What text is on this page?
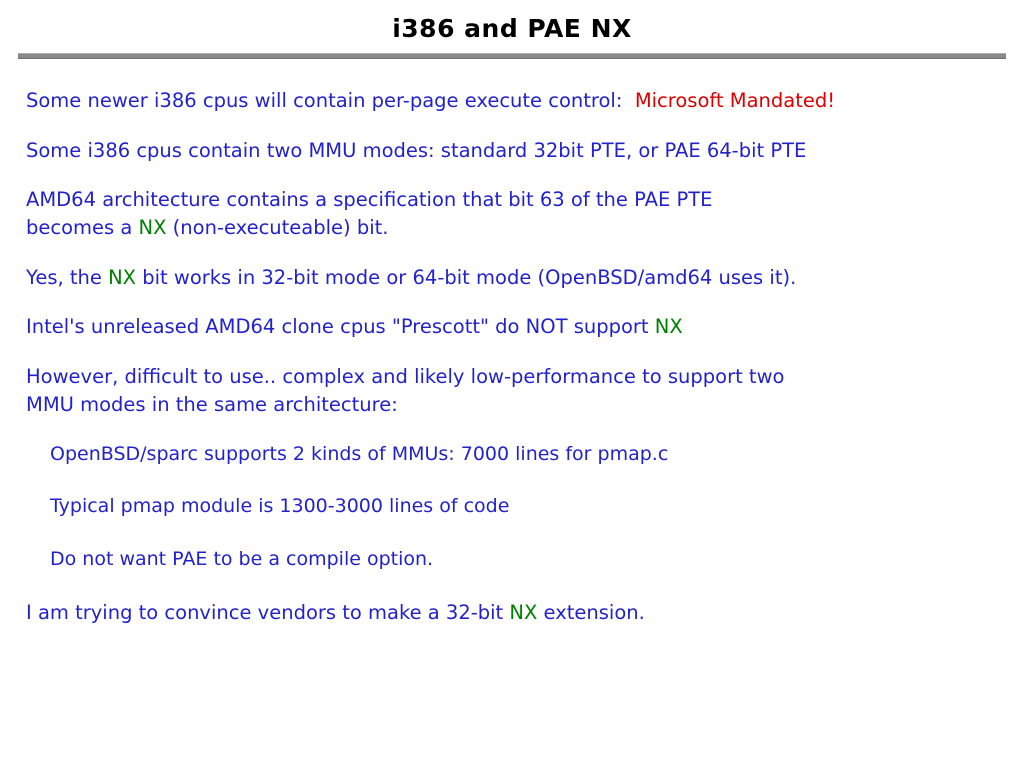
i386 and PAE NX

Some newer i386 cpus will contain per-page execute control:  Microsoft Mandated!

Some i386 cpus contain two MMU modes: standard 32bit PTE, or PAE 64-bit PTE

AMD64 architecture contains a specification that bit 63 of the PAE PTE

becomes a NX (non-executeable) bit.

Yes, the NX bit works in 32-bit mode or 64-bit mode (OpenBSD/amd64 uses it).

Intel's unreleased AMD64 clone cpus "Prescott" do NOT support NX

However, difficult to use.. complex and likely low-performance to support two

MMU modes in the same architecture:

OpenBSD/sparc supports 2 kinds of MMUs: 7000 lines for pmap.c

Typical pmap module is 1300-3000 lines of code

Do not want PAE to be a compile option.

I am trying to convince vendors to make a 32-bit NX extension.
